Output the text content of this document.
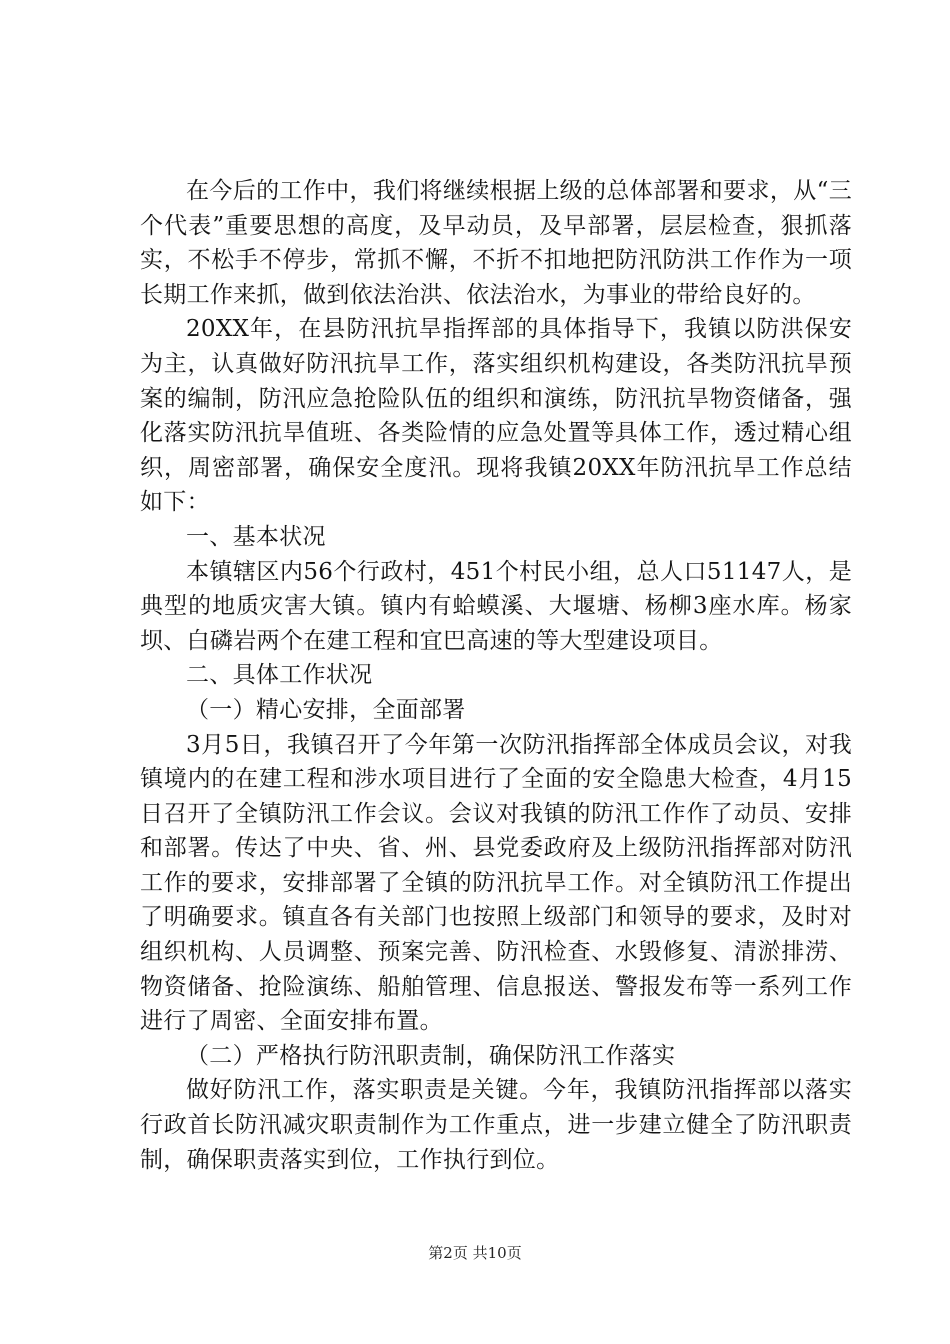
在今后的工作中，我们将继续根据上级的总体部署和要求，从“三个代表”重要思想的高度，及早动员，及早部署，层层检查，狠抓落实，不松手不停步，常抓不懈，不折不扣地把防汛防洪工作作为一项长期工作来抓，做到依法治洪、依法治水，为事业的带给良好的。

20XX年，在县防汛抗旱指挥部的具体指导下，我镇以防洪保安为主，认真做好防汛抗旱工作，落实组织机构建设，各类防汛抗旱预案的编制，防汛应急抢险队伍的组织和演练，防汛抗旱物资储备，强化落实防汛抗旱值班、各类险情的应急处置等具体工作，透过精心组织，周密部署，确保安全度汛。现将我镇20XX年防汛抗旱工作总结如下：

一、基本状况

本镇辖区内56个行政村，451个村民小组，总人口51147人，是典型的地质灾害大镇。镇内有蛤蟆溪、大堰塘、杨柳3座水库。杨家坝、白磷岩两个在建工程和宜巴高速的等大型建设项目。

二、具体工作状况

（一）精心安排，全面部署

3月5日，我镇召开了今年第一次防汛指挥部全体成员会议，对我镇境内的在建工程和涉水项目进行了全面的安全隐患大检查，4月15日召开了全镇防汛工作会议。会议对我镇的防汛工作作了动员、安排和部署。传达了中央、省、州、县党委政府及上级防汛指挥部对防汛工作的要求，安排部署了全镇的防汛抗旱工作。对全镇防汛工作提出了明确要求。镇直各有关部门也按照上级部门和领导的要求，及时对组织机构、人员调整、预案完善、防汛检查、水毁修复、清淤排涝、物资储备、抢险演练、船舶管理、信息报送、警报发布等一系列工作进行了周密、全面安排布置。

（二）严格执行防汛职责制，确保防汛工作落实

做好防汛工作，落实职责是关键。今年，我镇防汛指挥部以落实行政首长防汛减灾职责制作为工作重点，进一步建立健全了防汛职责制，确保职责落实到位，工作执行到位。

第2页 共10页
